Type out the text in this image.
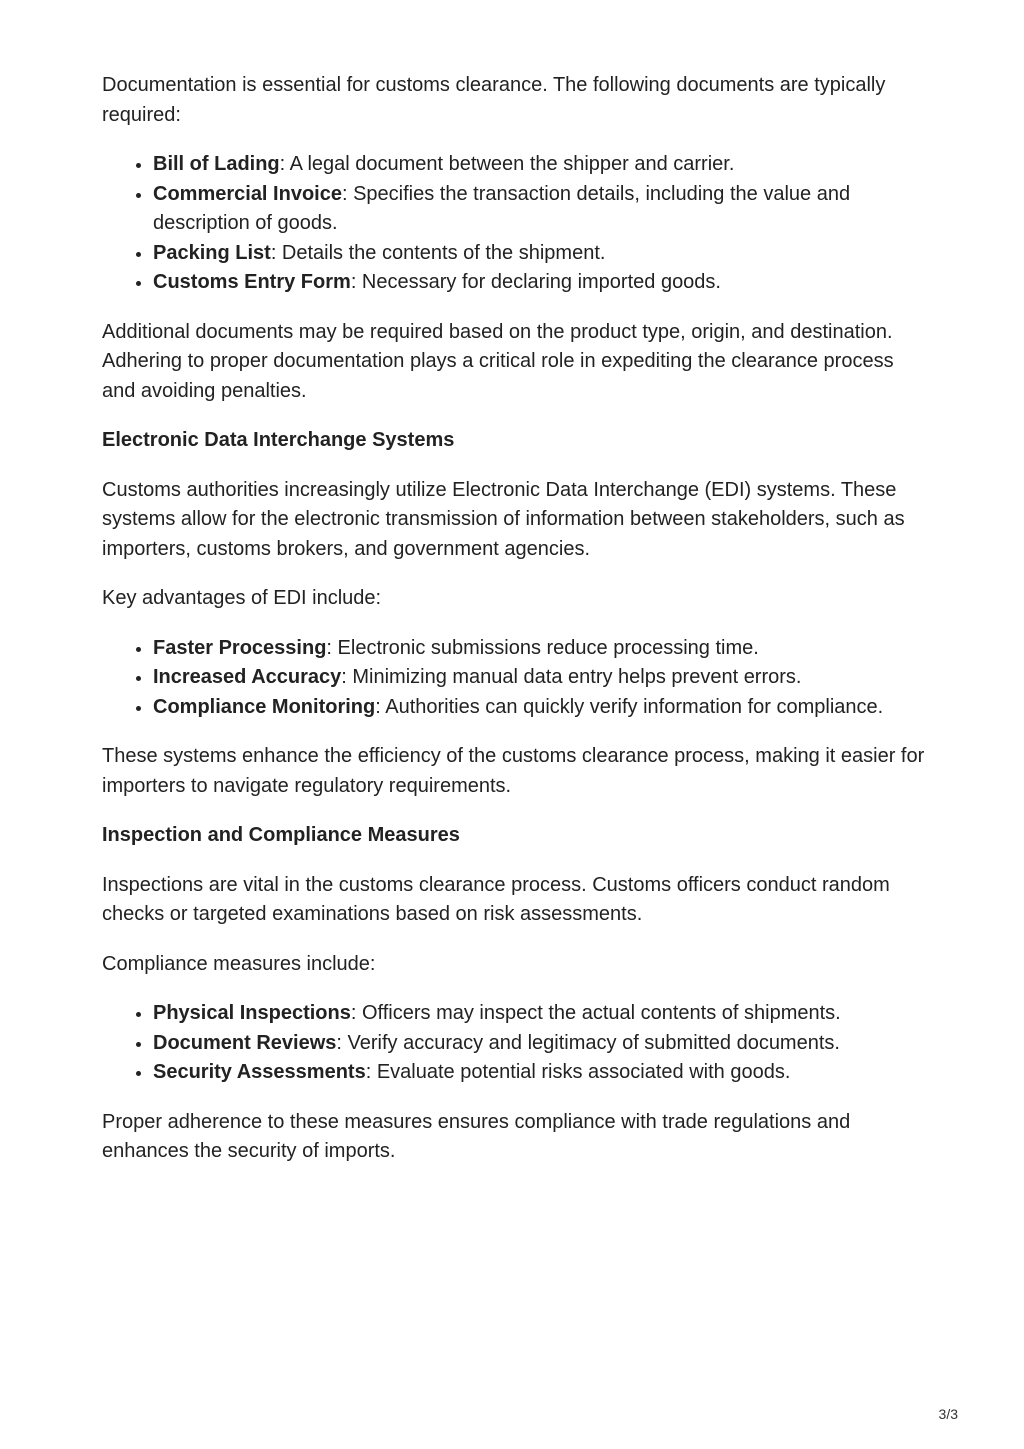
Documentation is essential for customs clearance. The following documents are typically required:

• Bill of Lading: A legal document between the shipper and carrier.
• Commercial Invoice: Specifies the transaction details, including the value and description of goods.
• Packing List: Details the contents of the shipment.
• Customs Entry Form: Necessary for declaring imported goods.

Additional documents may be required based on the product type, origin, and destination. Adhering to proper documentation plays a critical role in expediting the clearance process and avoiding penalties.

Electronic Data Interchange Systems

Customs authorities increasingly utilize Electronic Data Interchange (EDI) systems. These systems allow for the electronic transmission of information between stakeholders, such as importers, customs brokers, and government agencies.

Key advantages of EDI include:

• Faster Processing: Electronic submissions reduce processing time.
• Increased Accuracy: Minimizing manual data entry helps prevent errors.
• Compliance Monitoring: Authorities can quickly verify information for compliance.

These systems enhance the efficiency of the customs clearance process, making it easier for importers to navigate regulatory requirements.

Inspection and Compliance Measures

Inspections are vital in the customs clearance process. Customs officers conduct random checks or targeted examinations based on risk assessments.

Compliance measures include:

• Physical Inspections: Officers may inspect the actual contents of shipments.
• Document Reviews: Verify accuracy and legitimacy of submitted documents.
• Security Assessments: Evaluate potential risks associated with goods.

Proper adherence to these measures ensures compliance with trade regulations and enhances the security of imports.

3/3
